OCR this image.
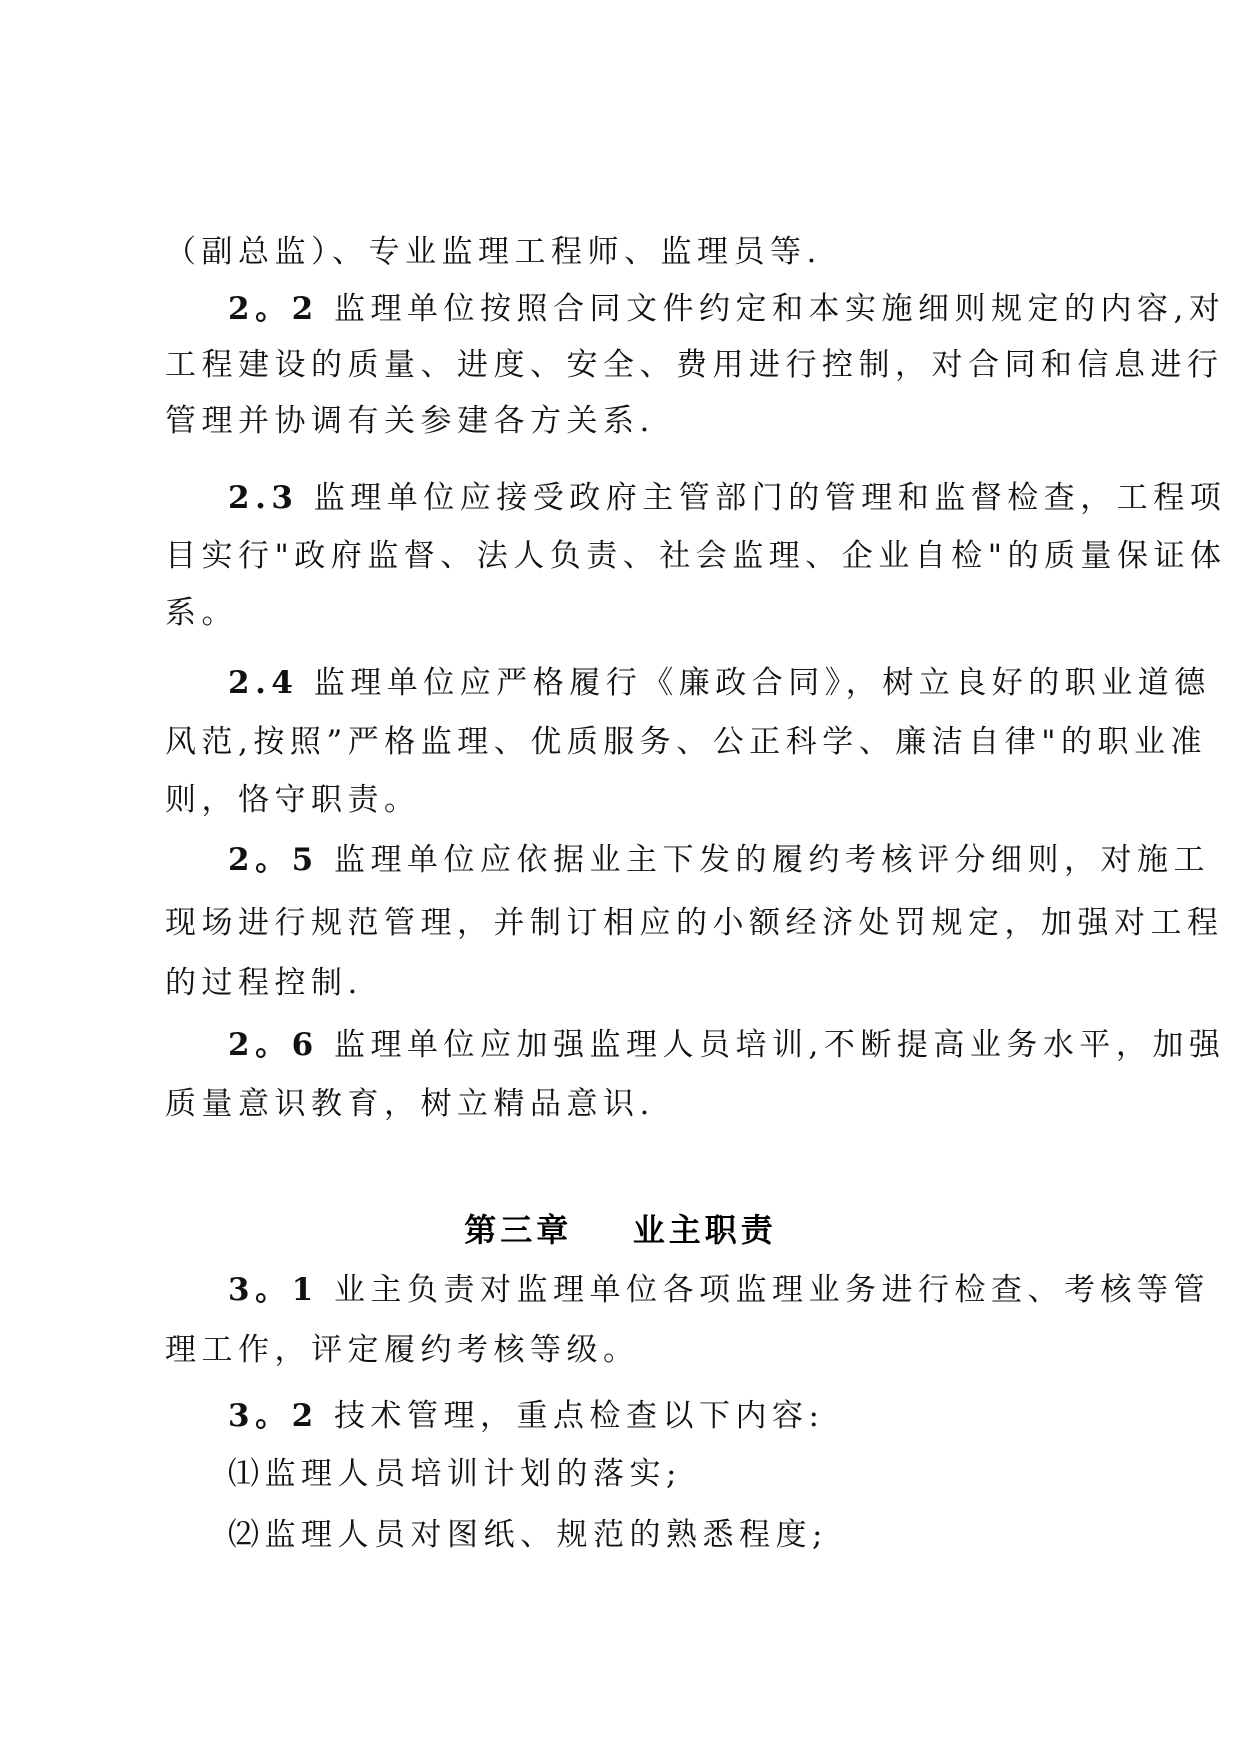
（副总监）、专业监理工程师、监理员等.
2。2 监理单位按照合同文件约定和本实施细则规定的内容,对
工程建设的质量、进度、安全、费用进行控制，对合同和信息进行
管理并协调有关参建各方关系.
2.3 监理单位应接受政府主管部门的管理和监督检查，工程项
目实行"政府监督、法人负责、社会监理、企业自检"的质量保证体
系。
2.4 监理单位应严格履行《廉政合同》，树立良好的职业道德
风范,按照”严格监理、优质服务、公正科学、廉洁自律"的职业准
则，恪守职责。
2。5 监理单位应依据业主下发的履约考核评分细则，对施工
现场进行规范管理，并制订相应的小额经济处罚规定，加强对工程
的过程控制.
2。6 监理单位应加强监理人员培训,不断提高业务水平，加强
质量意识教育，树立精品意识.
第三章    业主职责
3。1 业主负责对监理单位各项监理业务进行检查、考核等管
理工作，评定履约考核等级。
3。2 技术管理，重点检查以下内容:
⑴监理人员培训计划的落实;
⑵监理人员对图纸、规范的熟悉程度;
